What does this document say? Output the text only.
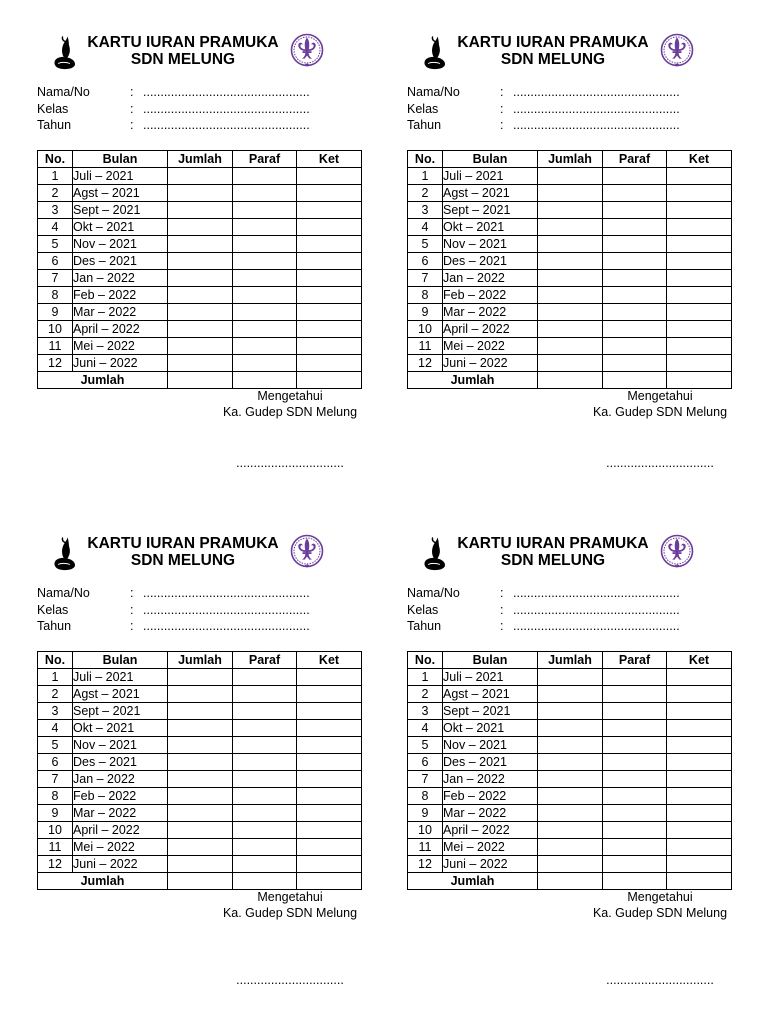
KARTU IURAN PRAMUKA
SDN MELUNG
Nama/No	: ................................................
Kelas	: ................................................
Tahun	: ................................................
No.	Bulan	Jumlah	Paraf	Ket
1	Juli – 2021			
2	Agst – 2021			
3	Sept – 2021			
4	Okt – 2021			
5	Nov – 2021			
6	Des – 2021			
7	Jan – 2022			
8	Feb – 2022			
9	Mar – 2022			
10	April – 2022			
11	Mei – 2022			
12	Juni – 2022			
Jumlah				
Mengetahui
Ka. Gudep SDN Melung
...............................
KARTU IURAN PRAMUKA
SDN MELUNG
Nama/No	: ................................................
Kelas	: ................................................
Tahun	: ................................................
No.	Bulan	Jumlah	Paraf	Ket
1	Juli – 2021			
2	Agst – 2021			
3	Sept – 2021			
4	Okt – 2021			
5	Nov – 2021			
6	Des – 2021			
7	Jan – 2022			
8	Feb – 2022			
9	Mar – 2022			
10	April – 2022			
11	Mei – 2022			
12	Juni – 2022			
Jumlah				
Mengetahui
Ka. Gudep SDN Melung
...............................
KARTU IURAN PRAMUKA
SDN MELUNG
Nama/No	: ................................................
Kelas	: ................................................
Tahun	: ................................................
No.	Bulan	Jumlah	Paraf	Ket
1	Juli – 2021			
2	Agst – 2021			
3	Sept – 2021			
4	Okt – 2021			
5	Nov – 2021			
6	Des – 2021			
7	Jan – 2022			
8	Feb – 2022			
9	Mar – 2022			
10	April – 2022			
11	Mei – 2022			
12	Juni – 2022			
Jumlah				
Mengetahui
Ka. Gudep SDN Melung
...............................
KARTU IURAN PRAMUKA
SDN MELUNG
Nama/No	: ................................................
Kelas	: ................................................
Tahun	: ................................................
No.	Bulan	Jumlah	Paraf	Ket
1	Juli – 2021			
2	Agst – 2021			
3	Sept – 2021			
4	Okt – 2021			
5	Nov – 2021			
6	Des – 2021			
7	Jan – 2022			
8	Feb – 2022			
9	Mar – 2022			
10	April – 2022			
11	Mei – 2022			
12	Juni – 2022			
Jumlah				
Mengetahui
Ka. Gudep SDN Melung
...............................
